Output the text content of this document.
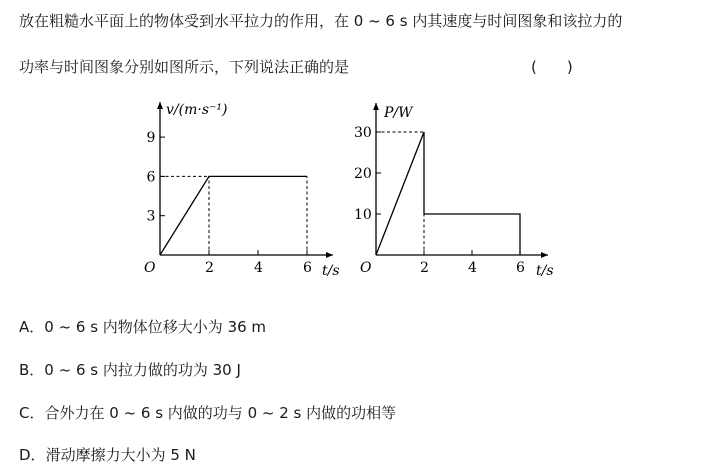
放在粗糙水平面上的物体受到水平拉力的作用，在 0 ~ 6 s 内其速度与时间图象和该拉力的
功率与时间图象分别如图所示，下列说法正确的是	(　　)
v/(m·s⁻¹)
t/s
O	2	4	6
3
6
9
P/W
t/s
O	2	4	6
10
20
30
A．0 ~ 6 s 内物体位移大小为 36 m
B．0 ~ 6 s 内拉力做的功为 30 J
C．合外力在 0 ~ 6 s 内做的功与 0 ~ 2 s 内做的功相等
D．滑动摩擦力大小为 5 N
